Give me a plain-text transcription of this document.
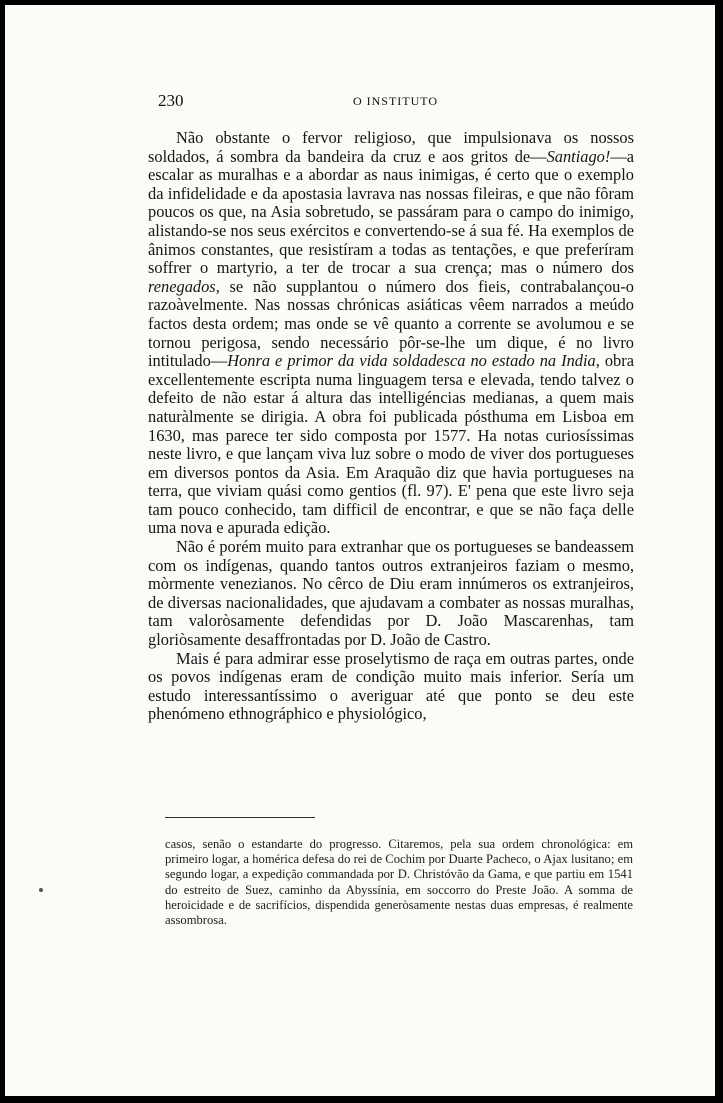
230	O INSTITUTO

Não obstante o fervor religioso, que impulsionava os nossos soldados, á sombra da bandeira da cruz e aos gritos de—Santiago!—a escalar as muralhas e a abordar as naus inimigas, é certo que o exemplo da infidelidade e da apostasia lavrava nas nossas fileiras, e que não fôram poucos os que, na Asia sobretudo, se passáram para o campo do inimigo, alistando-se nos seus exércitos e convertendo-se á sua fé. Ha exemplos de ânimos constantes, que resistíram a todas as tentações, e que preferíram soffrer o martyrio, a ter de trocar a sua crença; mas o número dos renegados, se não supplantou o número dos fieis, contrabalançou-o razoàvelmente. Nas nossas chrónicas asiáticas vêem narrados a meúdo factos desta ordem; mas onde se vê quanto a corrente se avolumou e se tornou perigosa, sendo necessário pôr-se-lhe um dique, é no livro intitulado—Honra e primor da vida soldadesca no estado na India, obra excellentemente escripta numa linguagem tersa e elevada, tendo talvez o defeito de não estar á altura das intelligéncias medianas, a quem mais naturàlmente se dirigia. A obra foi publicada pósthuma em Lisboa em 1630, mas parece ter sido composta por 1577. Ha notas curiosíssimas neste livro, e que lançam viva luz sobre o modo de viver dos portugueses em diversos pontos da Asia. Em Araquão diz que havia portugueses na terra, que viviam quási como gentios (fl. 97). E' pena que este livro seja tam pouco conhecido, tam difficil de encontrar, e que se não faça delle uma nova e apurada edição.

Não é porém muito para extranhar que os portugueses se bandeassem com os indígenas, quando tantos outros extranjeiros faziam o mesmo, mòrmente venezianos. No cêrco de Diu eram innúmeros os extranjeiros, de diversas nacionalidades, que ajudavam a combater as nossas muralhas, tam valoròsamente defendidas por D. João Mascarenhas, tam gloriòsamente desaffrontadas por D. João de Castro.

Mais é para admirar esse proselytismo de raça em outras partes, onde os povos indígenas eram de condição muito mais inferior. Sería um estudo interessantíssimo o averiguar até que ponto se deu este phenómeno ethnográphico e physiológico,

casos, senão o estandarte do progresso. Citaremos, pela sua ordem chronológica: em primeiro logar, a homérica defesa do rei de Cochim por Duarte Pacheco, o Ajax lusitano; em segundo logar, a expedição commandada por D. Christóvão da Gama, e que partiu em 1541 do estreito de Suez, caminho da Abyssínia, em soccorro do Preste João. A somma de heroicidade e de sacrifícios, dispendida generòsamente nestas duas empresas, é realmente assombrosa.
